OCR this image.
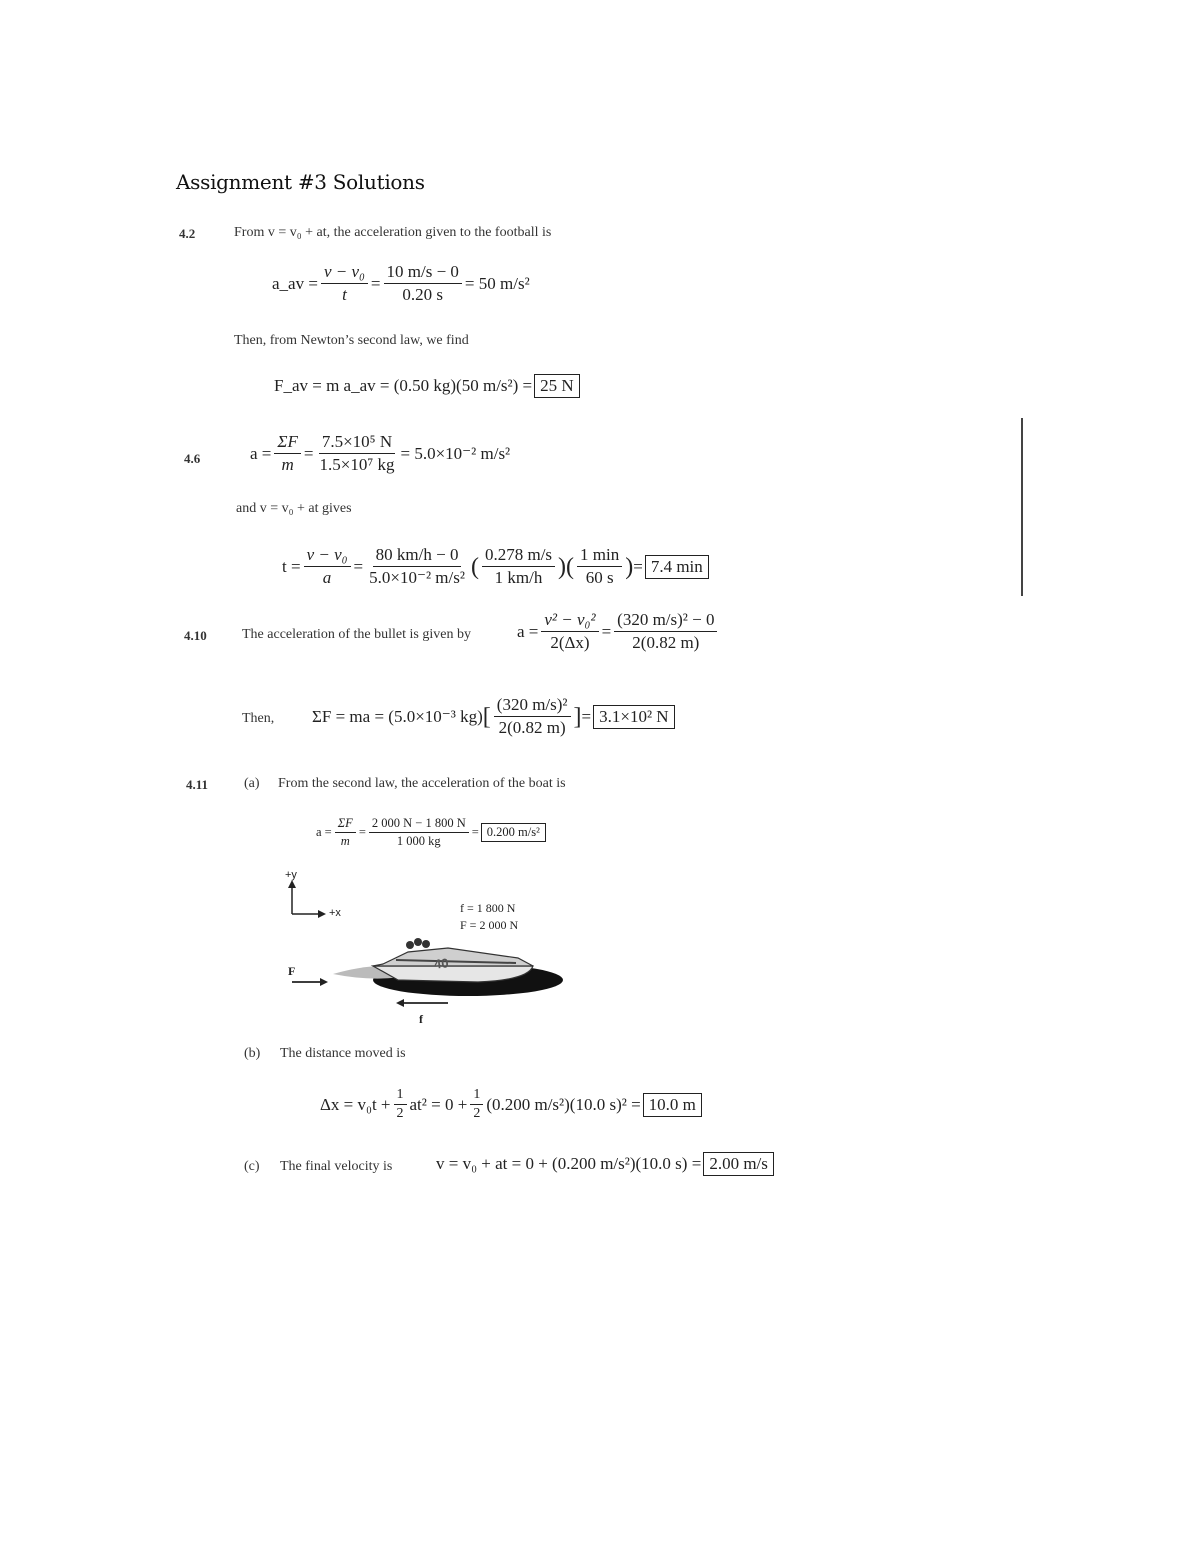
Assignment #3 Solutions
4.2	From v = v₀ + at, the acceleration given to the football is
a_av = $\frac{\text{v − v₀}}{t} = \frac{10 m/s - 0}{0.20 s} = 50$ m/s²
Then, from Newton’s second law, we find
F_av = m a_av = (0.50 kg)(50 m/s²) = 25 N
4.6	$a = \frac{\Sigma F}{m} = \frac{\text{7.5×10⁵ N}}{\text{1.5×10⁷ kg}} = 5.0\times 10^{-2}$ m/s²
and v = v₀ + at gives
$t = \frac{\text{v − v₀}}{a} = \frac{80 km/h - 0}{\text{5.0×10⁻² m/s²}}$ ( $\frac{0.278 m/s}{1 km/h}$ ) ( $\frac{1 \min}{60 s}$ ) = 7.4 min
4.10	The acceleration of the bullet is given by	$a = \frac{\text{v² − v₀²}}{2(\Delta x)} = \frac{\text{(320 m/s)² − 0}}{2(0.82 m)}$
Then, ΣF = ma = (5.0×10⁻³ kg) [ $\frac{\text{(320 m/s)²}}{2(0.82 m)}$ ] = 3.1×10² N
4.11	(a) From the second law, the acceleration of the boat is
$a = \frac{\Sigma F}{m} = \frac{2 000 N - 1 800 N}{1 000 kg} = 0.200$ m/s²
+y
+x	f = 1 800 N
F = 2 000 N
F
f
40
(b) The distance moved is
$\Delta x = v_0t + \frac{1}{2} at^2 = 0 + \frac{1}{2} (0.200$ m/s²)(10.0 s)² = 10.0 m
(c) The final velocity is	v = v₀ + at = 0 + (0.200 m/s²)(10.0 s) = 2.00 m/s
